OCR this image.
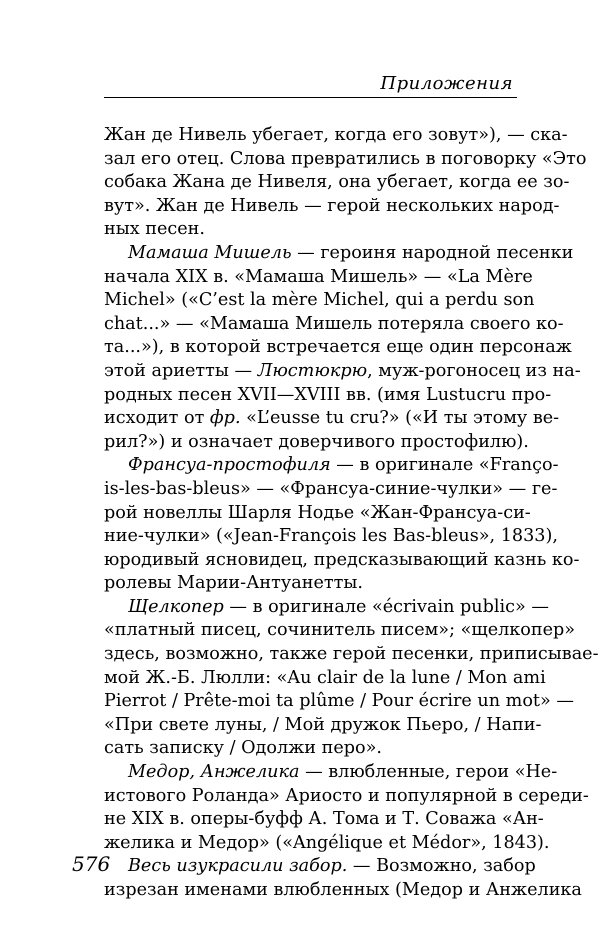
Приложения
Жан де Нивель убегает, когда его зовут»), — ска-
зал его отец. Слова превратились в поговорку «Это
собака Жана де Нивеля, она убегает, когда ее зо-
вут». Жан де Нивель — герой нескольких народ-
ных песен.
Мамаша Мишель — героиня народной песенки
начала XIX в. «Мамаша Мишель» — «La Mère
Michel» («C’est la mère Michel, qui a perdu son
chat...» — «Мамаша Мишель потеряла своего ко-
та...»), в которой встречается еще один персонаж
этой ариетты — Люстюкрю, муж-рогоносец из на-
родных песен XVII—XVIII вв. (имя Lustucru про-
исходит от фр. «L’eusse tu cru?» («И ты этому ве-
рил?») и означает доверчивого простофилю).
Франсуа-простофиля — в оригинале «Franço-
is-les-bas-bleus» — «Франсуа-синие-чулки» — ге-
рой новеллы Шарля Нодье «Жан-Франсуа-си-
ние-чулки» («Jean-François les Bas-bleus», 1833),
юродивый ясновидец, предсказывающий казнь ко-
ролевы Марии-Антуанетты.
Щелкопер — в оригинале «écrivain public» —
«платный писец, сочинитель писем»; «щелкопер»
здесь, возможно, также герой песенки, приписывае-
мой Ж.-Б. Люлли: «Au clair de la lune / Mon ami
Pierrot / Prête-moi ta plûme / Pour écrire un mot» —
«При свете луны, / Мой дружок Пьеро, / Напи-
сать записку / Одолжи перо».
Медор, Анжелика — влюбленные, герои «Не-
истового Роланда» Ариосто и популярной в середи-
не XIX в. оперы-буфф А. Тома и Т. Соважа «Ан-
желика и Медор» («Angélique et Médor», 1843).
Весь изукрасили забор. — Возможно, забор
изрезан именами влюбленных (Медор и Анжелика
576
